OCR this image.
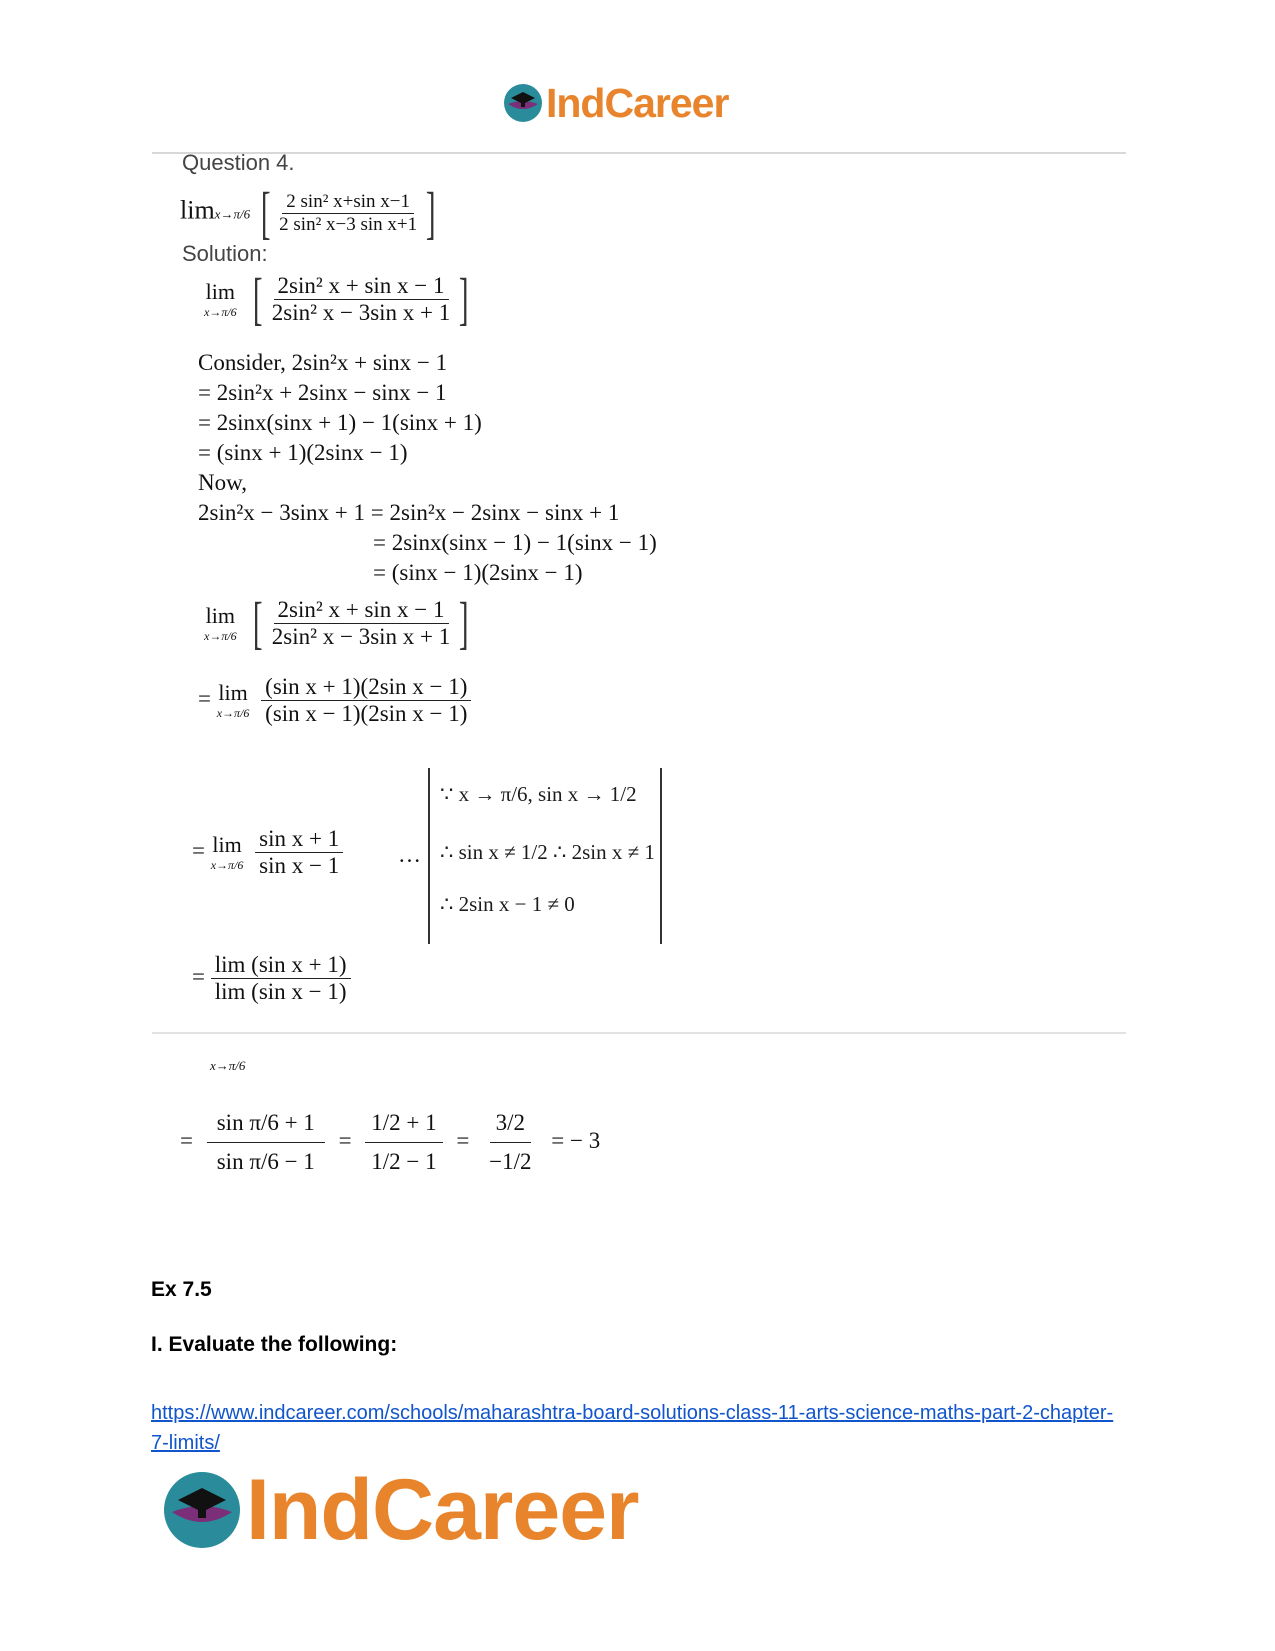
IndCareer
Question 4.
limx→π/6 [ $\frac{\text{2 sin² x+sin x−1}}{\text{2 sin² x−3 sin x+1}}$ ]
Solution:
lim
x→π/6
[ $\frac{\text{2sin² x + sin x − 1}}{\text{2sin² x − 3sin x + 1}}$ ]
Consider, 2sin²x + sinx − 1
= 2sin²x + 2sinx − sinx − 1
= 2sinx(sinx + 1) − 1(sinx + 1)
= (sinx + 1)(2sinx − 1)
Now,
2sin²x − 3sinx + 1 = 2sin²x − 2sinx − sinx + 1
= 2sinx(sinx − 1) − 1(sinx − 1)
= (sinx − 1)(2sinx − 1)
lim
x→π/6
[ $\frac{\text{2sin² x + sin x − 1}}{\text{2sin² x − 3sin x + 1}}$ ]
= lim
x→π/6
$\frac{\text{(sin x + 1)(2sin x − 1)}}{\text{(sin x − 1)(2sin x − 1)}}$
= lim
x→π/6
$\frac{\text{sin x + 1}}{\text{sin x − 1}}$ …
∵ x → π/6, sin x → 1/2
∴ sin x ≠ 1/2 ∴ 2sin x ≠ 1
∴ 2sin x − 1 ≠ 0
= $\frac{\text{lim (sin x + 1)}}{\text{lim (sin x − 1)}}$
x→π/6
= $\frac{\text{sin π/6 + 1}}{\text{sin π/6 − 1}} = \frac{1/2 + 1}{1/2 - 1} = \frac{3/2}{-1/2}$ = − 3
Ex 7.5
I. Evaluate the following:
https://www.indcareer.com/schools/maharashtra-board-solutions-class-11-arts-science-maths-part-2-chapter-7-limits/
IndCareer
